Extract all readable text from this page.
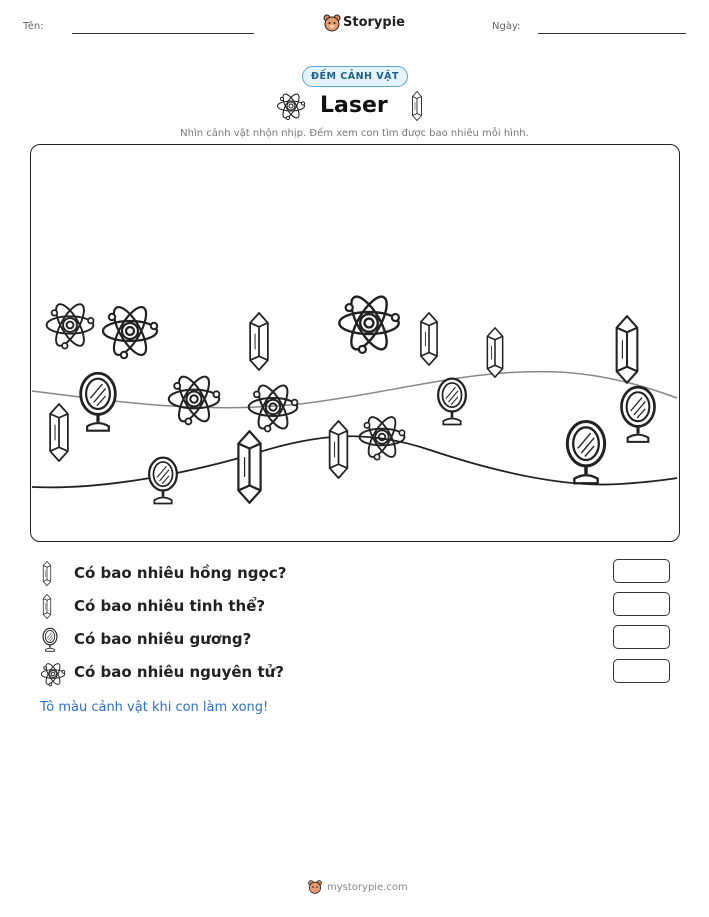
Tên:	Storypie	Ngày:
ĐẾM CẢNH VẬT
Laser
Nhìn cảnh vật nhộn nhịp. Đếm xem con tìm được bao nhiêu mỗi hình.
Có bao nhiêu hồng ngọc?
Có bao nhiêu tinh thể?
Có bao nhiêu gương?
Có bao nhiêu nguyên tử?
Tô màu cảnh vật khi con làm xong!
mystorypie.com
